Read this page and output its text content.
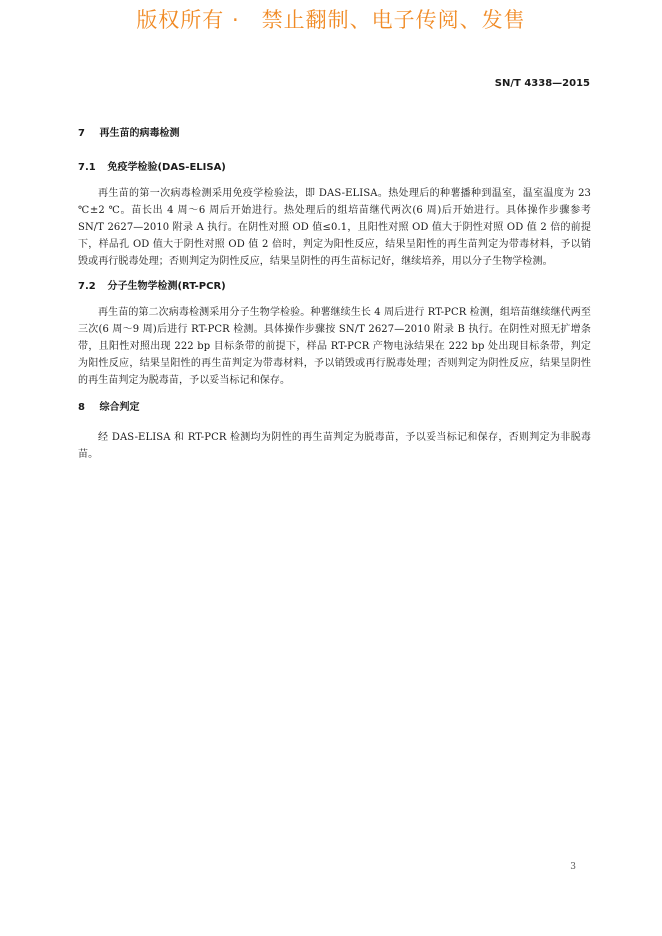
版权所有 ·　禁止翻制、电子传阅、发售
SN/T 4338—2015
7 再生苗的病毒检测
7.1 免疫学检验(DAS-ELISA)

再生苗的第一次病毒检测采用免疫学检验法，即 DAS-ELISA。热处理后的种薯播种到温室，温室温度为 23 ℃±2 ℃。苗长出 4 周～6 周后开始进行。热处理后的组培苗继代两次(6 周)后开始进行。具体操作步骤参考 SN/T 2627—2010 附录 A 执行。在阴性对照 OD 值≤0.1，且阳性对照 OD 值大于阴性对照 OD 值 2 倍的前提下，样品孔 OD 值大于阴性对照 OD 值 2 倍时，判定为阳性反应，结果呈阳性的再生苗判定为带毒材料，予以销毁或再行脱毒处理；否则判定为阴性反应，结果呈阴性的再生苗标记好，继续培养，用以分子生物学检测。

7.2 分子生物学检测(RT-PCR)

再生苗的第二次病毒检测采用分子生物学检验。种薯继续生长 4 周后进行 RT-PCR 检测，组培苗继续继代两至三次(6 周～9 周)后进行 RT-PCR 检测。具体操作步骤按 SN/T 2627—2010 附录 B 执行。在阴性对照无扩增条带，且阳性对照出现 222 bp 目标条带的前提下，样品 RT-PCR 产物电泳结果在 222 bp 处出现目标条带，判定为阳性反应，结果呈阳性的再生苗判定为带毒材料，予以销毁或再行脱毒处理；否则判定为阴性反应，结果呈阴性的再生苗判定为脱毒苗，予以妥当标记和保存。

8 综合判定

经 DAS-ELISA 和 RT-PCR 检测均为阴性的再生苗判定为脱毒苗，予以妥当标记和保存，否则判定为非脱毒苗。

3
